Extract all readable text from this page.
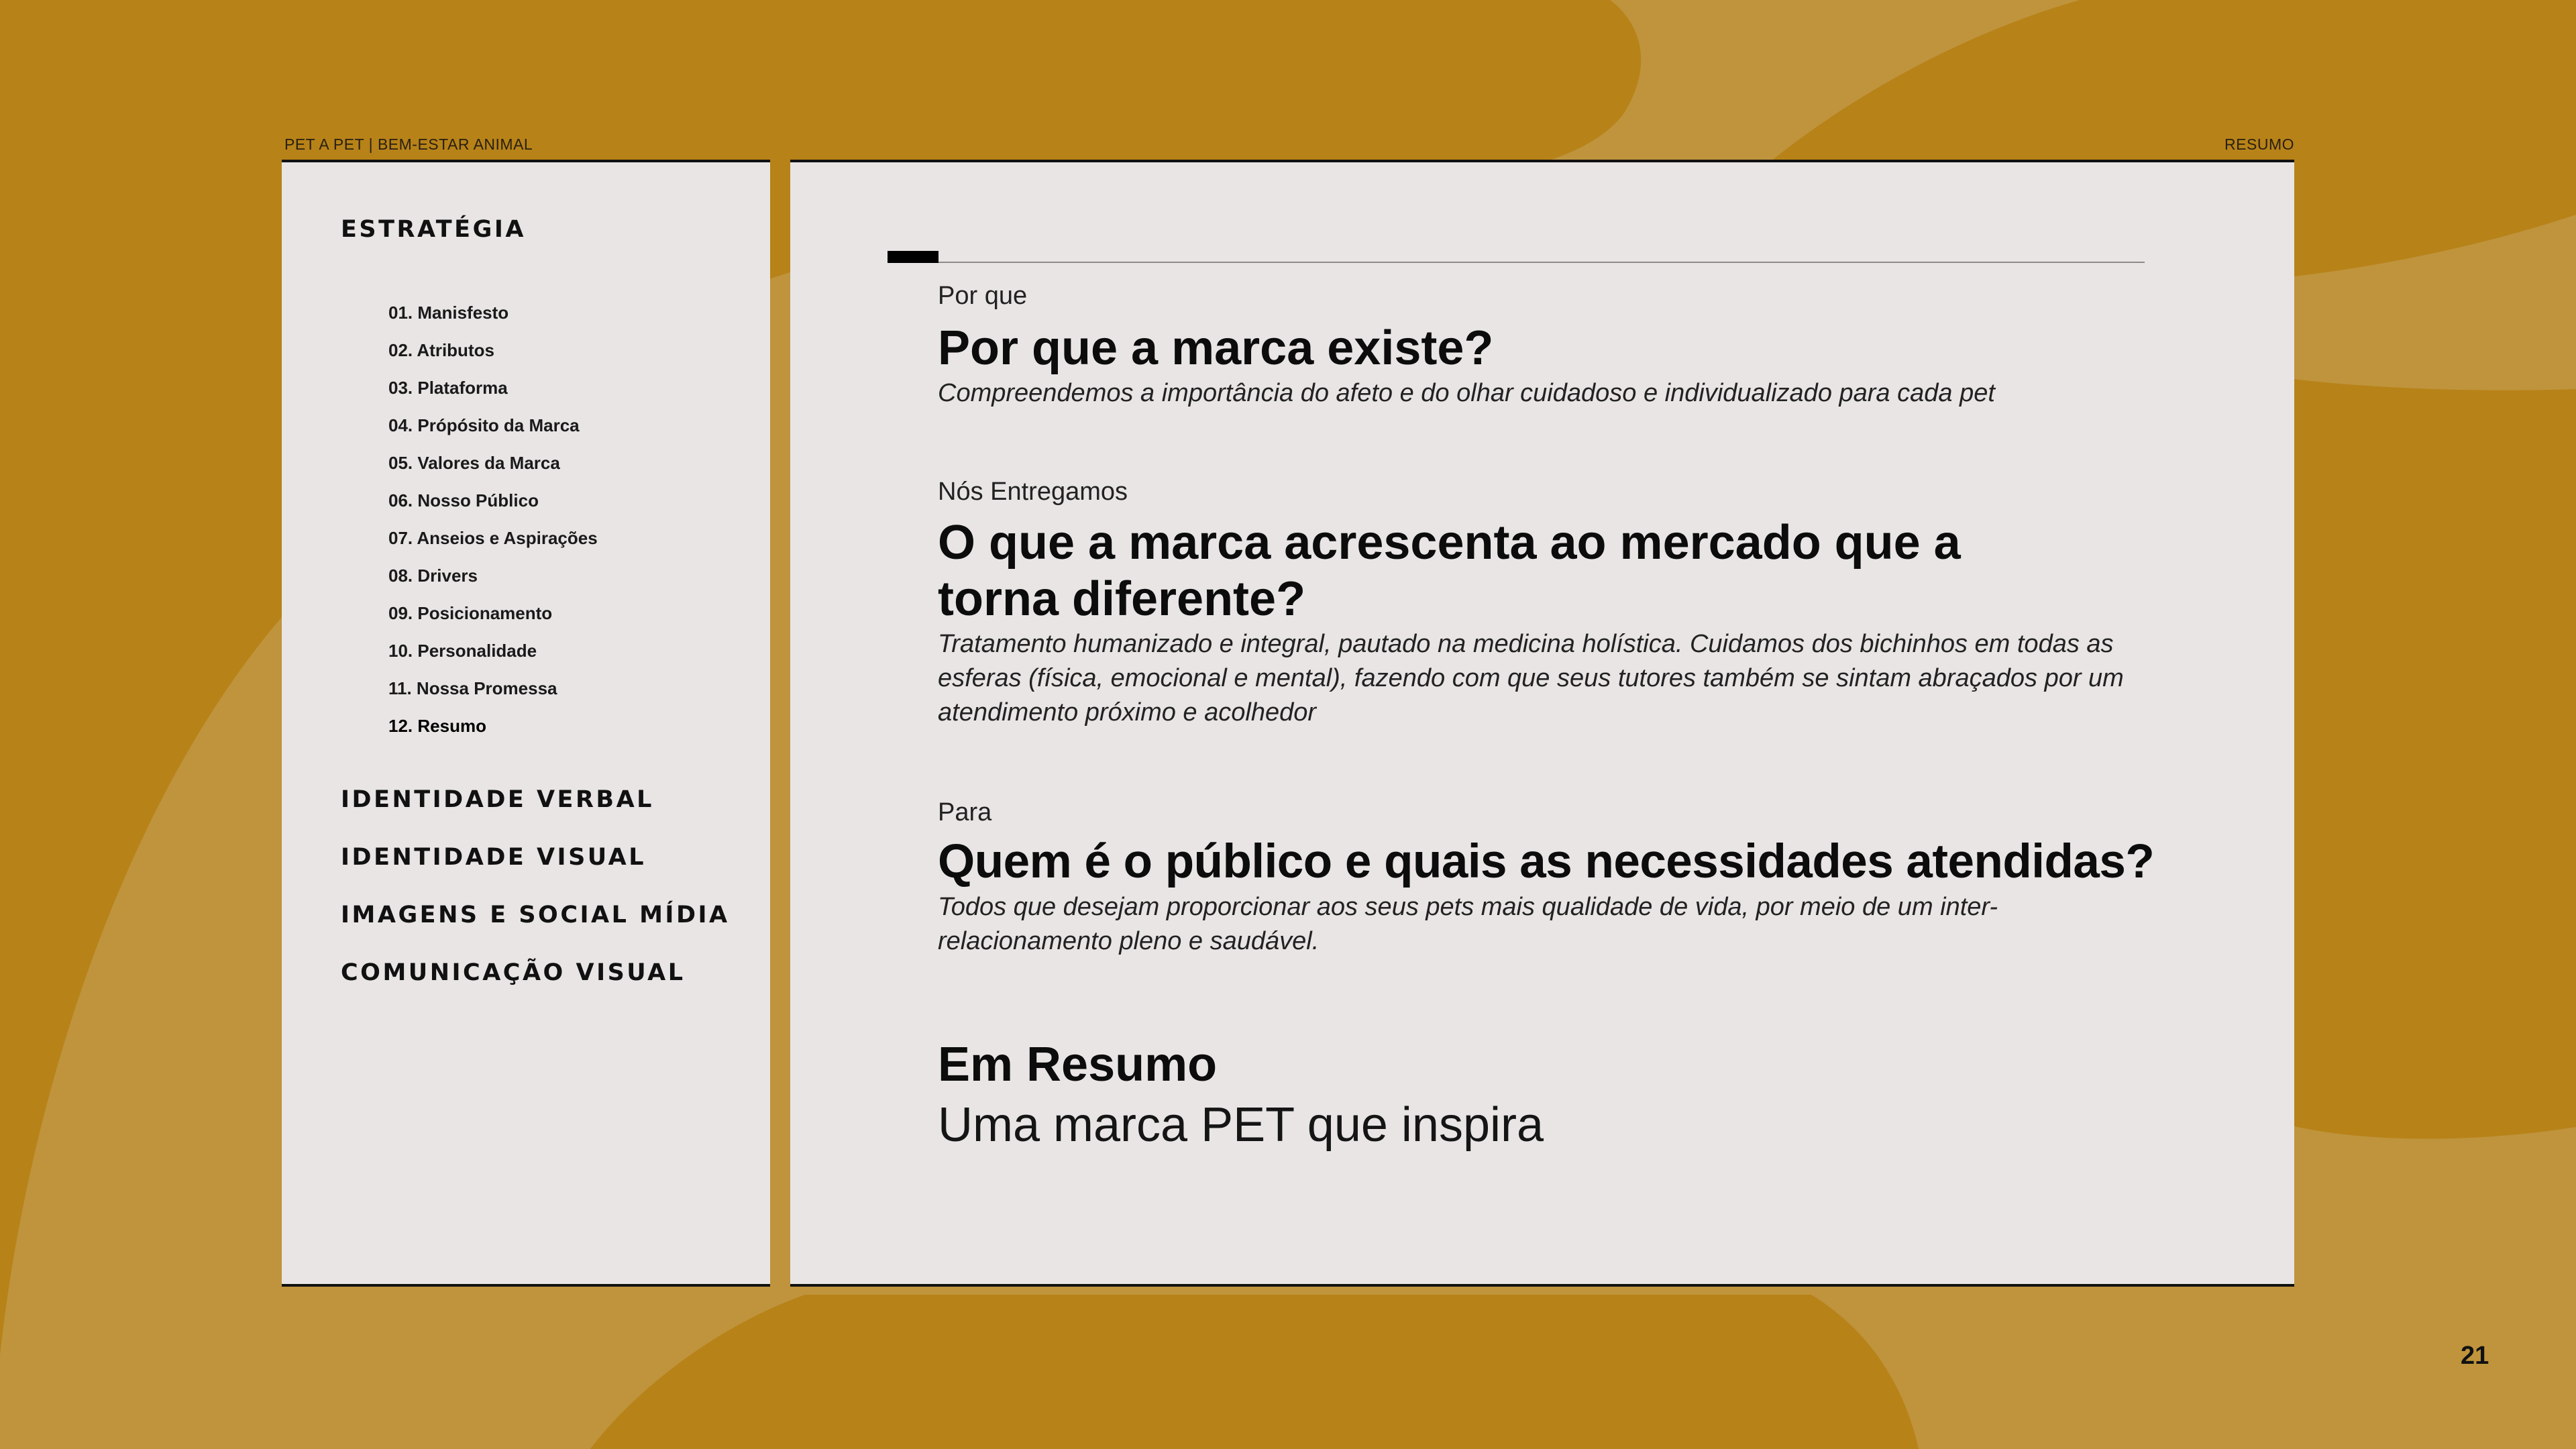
PET A PET | BEM-ESTAR ANIMAL	RESUMO
ESTRATÉGIA
01. Manisfesto
02. Atributos
03. Plataforma
04. Própósito da Marca
05. Valores da Marca
06. Nosso Público
07. Anseios e Aspirações
08. Drivers
09. Posicionamento
10. Personalidade
11. Nossa Promessa
12. Resumo
IDENTIDADE VERBAL
IDENTIDADE VISUAL
IMAGENS E SOCIAL MÍDIA
COMUNICAÇÃO VISUAL
Por que
Por que a marca existe?
Compreendemos a importância do afeto e do olhar cuidadoso e individualizado para cada pet
Nós Entregamos
O que a marca acrescenta ao mercado que a torna diferente?
Tratamento humanizado e integral, pautado na medicina holística. Cuidamos dos bichinhos em todas as esferas (física, emocional e mental), fazendo com que seus tutores também se sintam abraçados por um atendimento próximo e acolhedor
Para
Quem é o público e quais as necessidades atendidas?
Todos que desejam proporcionar aos seus pets mais qualidade de vida, por meio de um inter-relacionamento pleno e saudável.
Em Resumo
Uma marca PET que inspira
21
